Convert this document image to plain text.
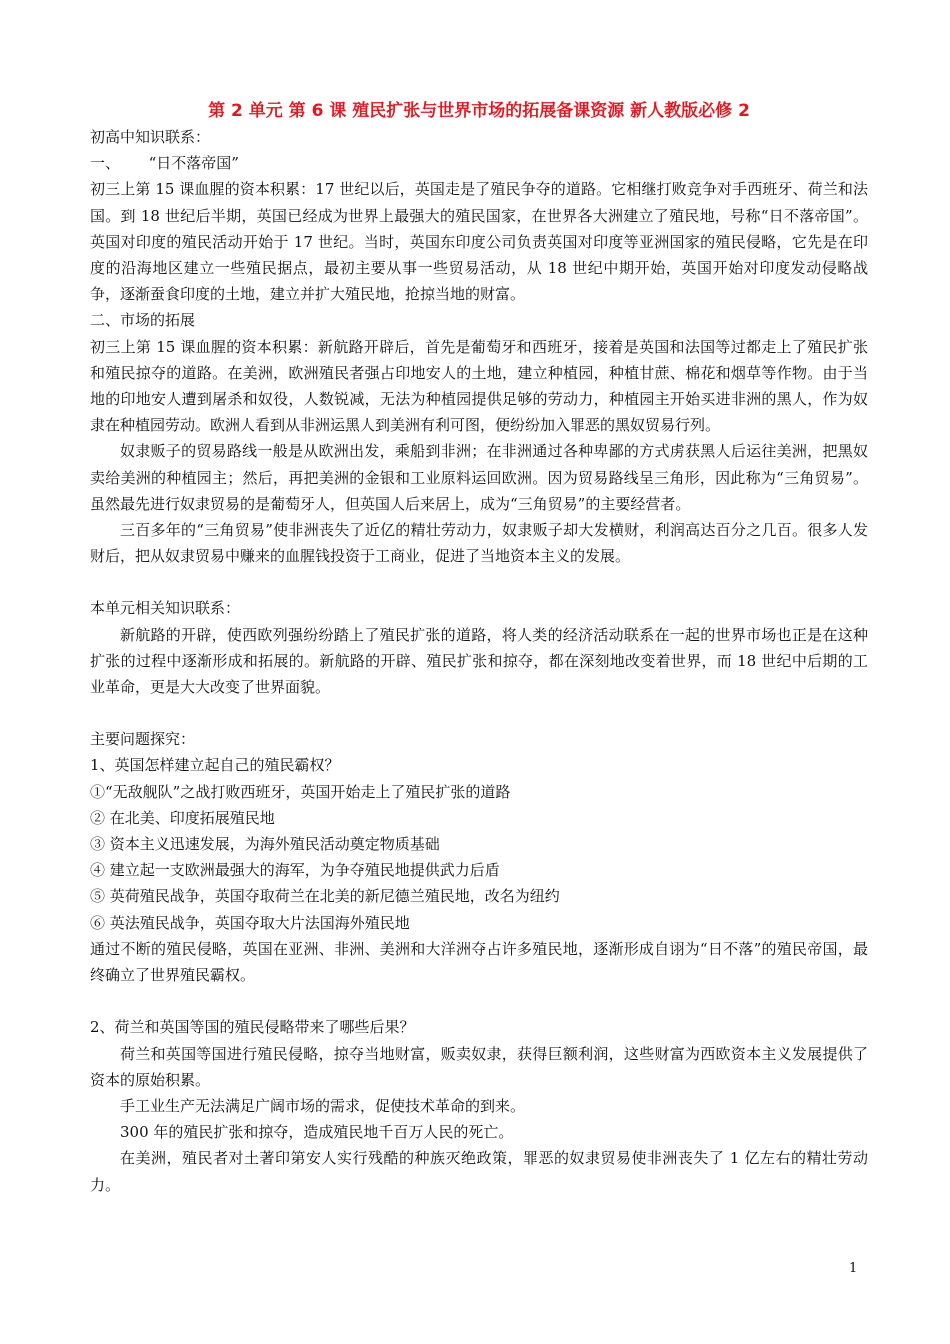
第 2 单元 第 6 课 殖民扩张与世界市场的拓展备课资源 新人教版必修 2

初高中知识联系：

一、      “日不落帝国”

初三上第 15 课血腥的资本积累：17 世纪以后，英国走是了殖民争夺的道路。它相继打败竞争对手西班牙、荷兰和法国。到 18 世纪后半期，英国已经成为世界上最强大的殖民国家，在世界各大洲建立了殖民地，号称“日不落帝国”。英国对印度的殖民活动开始于 17 世纪。当时，英国东印度公司负责英国对印度等亚洲国家的殖民侵略，它先是在印度的沿海地区建立一些殖民据点，最初主要从事一些贸易活动，从 18 世纪中期开始，英国开始对印度发动侵略战争，逐渐蚕食印度的土地，建立并扩大殖民地，抢掠当地的财富。

二、市场的拓展

初三上第 15 课血腥的资本积累：新航路开辟后，首先是葡萄牙和西班牙，接着是英国和法国等过都走上了殖民扩张和殖民掠夺的道路。在美洲，欧洲殖民者强占印地安人的土地，建立种植园，种植甘蔗、棉花和烟草等作物。由于当地的印地安人遭到屠杀和奴役，人数锐减，无法为种植园提供足够的劳动力，种植园主开始买进非洲的黑人，作为奴隶在种植园劳动。欧洲人看到从非洲运黑人到美洲有利可图，便纷纷加入罪恶的黑奴贸易行列。

奴隶贩子的贸易路线一般是从欧洲出发，乘船到非洲；在非洲通过各种卑鄙的方式虏获黑人后运往美洲，把黑奴卖给美洲的种植园主；然后，再把美洲的金银和工业原料运回欧洲。因为贸易路线呈三角形，因此称为“三角贸易”。虽然最先进行奴隶贸易的是葡萄牙人，但英国人后来居上，成为“三角贸易”的主要经营者。

三百多年的“三角贸易”使非洲丧失了近亿的精壮劳动力，奴隶贩子却大发横财，利润高达百分之几百。很多人发财后，把从奴隶贸易中赚来的血腥钱投资于工商业，促进了当地资本主义的发展。

本单元相关知识联系：

新航路的开辟，使西欧列强纷纷踏上了殖民扩张的道路，将人类的经济活动联系在一起的世界市场也正是在这种扩张的过程中逐渐形成和拓展的。新航路的开辟、殖民扩张和掠夺，都在深刻地改变着世界，而 18 世纪中后期的工业革命，更是大大改变了世界面貌。

主要问题探究：

1、英国怎样建立起自己的殖民霸权？

①“无敌舰队”之战打败西班牙，英国开始走上了殖民扩张的道路

② 在北美、印度拓展殖民地

③ 资本主义迅速发展，为海外殖民活动奠定物质基础

④ 建立起一支欧洲最强大的海军，为争夺殖民地提供武力后盾

⑤ 英荷殖民战争，英国夺取荷兰在北美的新尼德兰殖民地，改名为纽约

⑥ 英法殖民战争，英国夺取大片法国海外殖民地

通过不断的殖民侵略，英国在亚洲、非洲、美洲和大洋洲夺占许多殖民地，逐渐形成自诩为“日不落”的殖民帝国，最终确立了世界殖民霸权。

2、荷兰和英国等国的殖民侵略带来了哪些后果？

荷兰和英国等国进行殖民侵略，掠夺当地财富，贩卖奴隶，获得巨额利润，这些财富为西欧资本主义发展提供了资本的原始积累。

手工业生产无法满足广阔市场的需求，促使技术革命的到来。

300 年的殖民扩张和掠夺，造成殖民地千百万人民的死亡。

在美洲，殖民者对土著印第安人实行残酷的种族灭绝政策，罪恶的奴隶贸易使非洲丧失了 1 亿左右的精壮劳动力。

1
